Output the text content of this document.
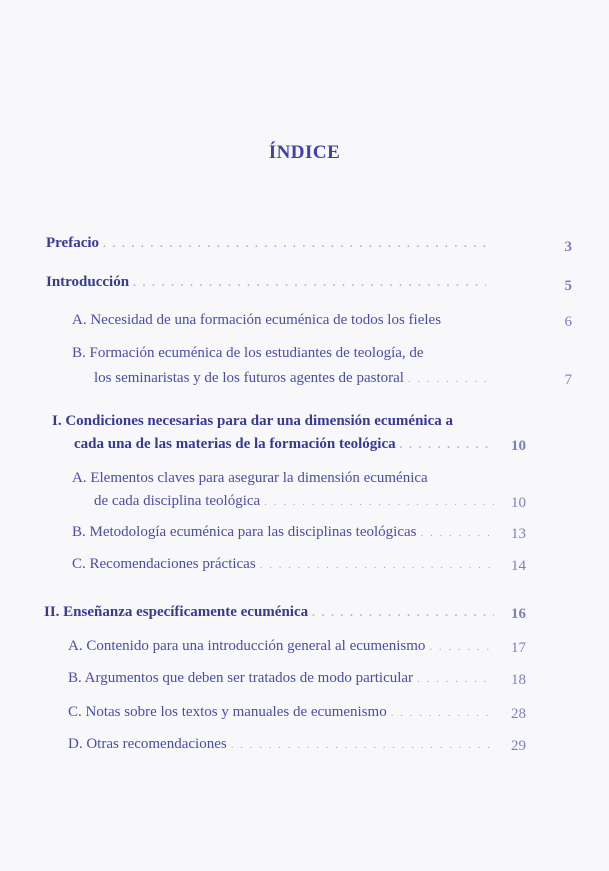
ÍNDICE
Prefacio . . .	3
Introducción . . .	5
A. Necesidad de una formación ecuménica de todos los fieles	6
B. Formación ecuménica de los estudiantes de teología, de
los seminaristas y de los futuros agentes de pastoral . . .	7
I. Condiciones necesarias para dar una dimensión ecuménica a
cada una de las materias de la formación teológica . . .	10
A. Elementos claves para asegurar la dimensión ecuménica
de cada disciplina teológica . . .	10
B. Metodología ecuménica para las disciplinas teológicas . . .	13
C. Recomendaciones prácticas . . .	14
II. Enseñanza específicamente ecuménica . . .	16
A. Contenido para una introducción general al ecumenismo . . .	17
B. Argumentos que deben ser tratados de modo particular . . .	18
C. Notas sobre los textos y manuales de ecumenismo . . .	28
D. Otras recomendaciones . . .	29
